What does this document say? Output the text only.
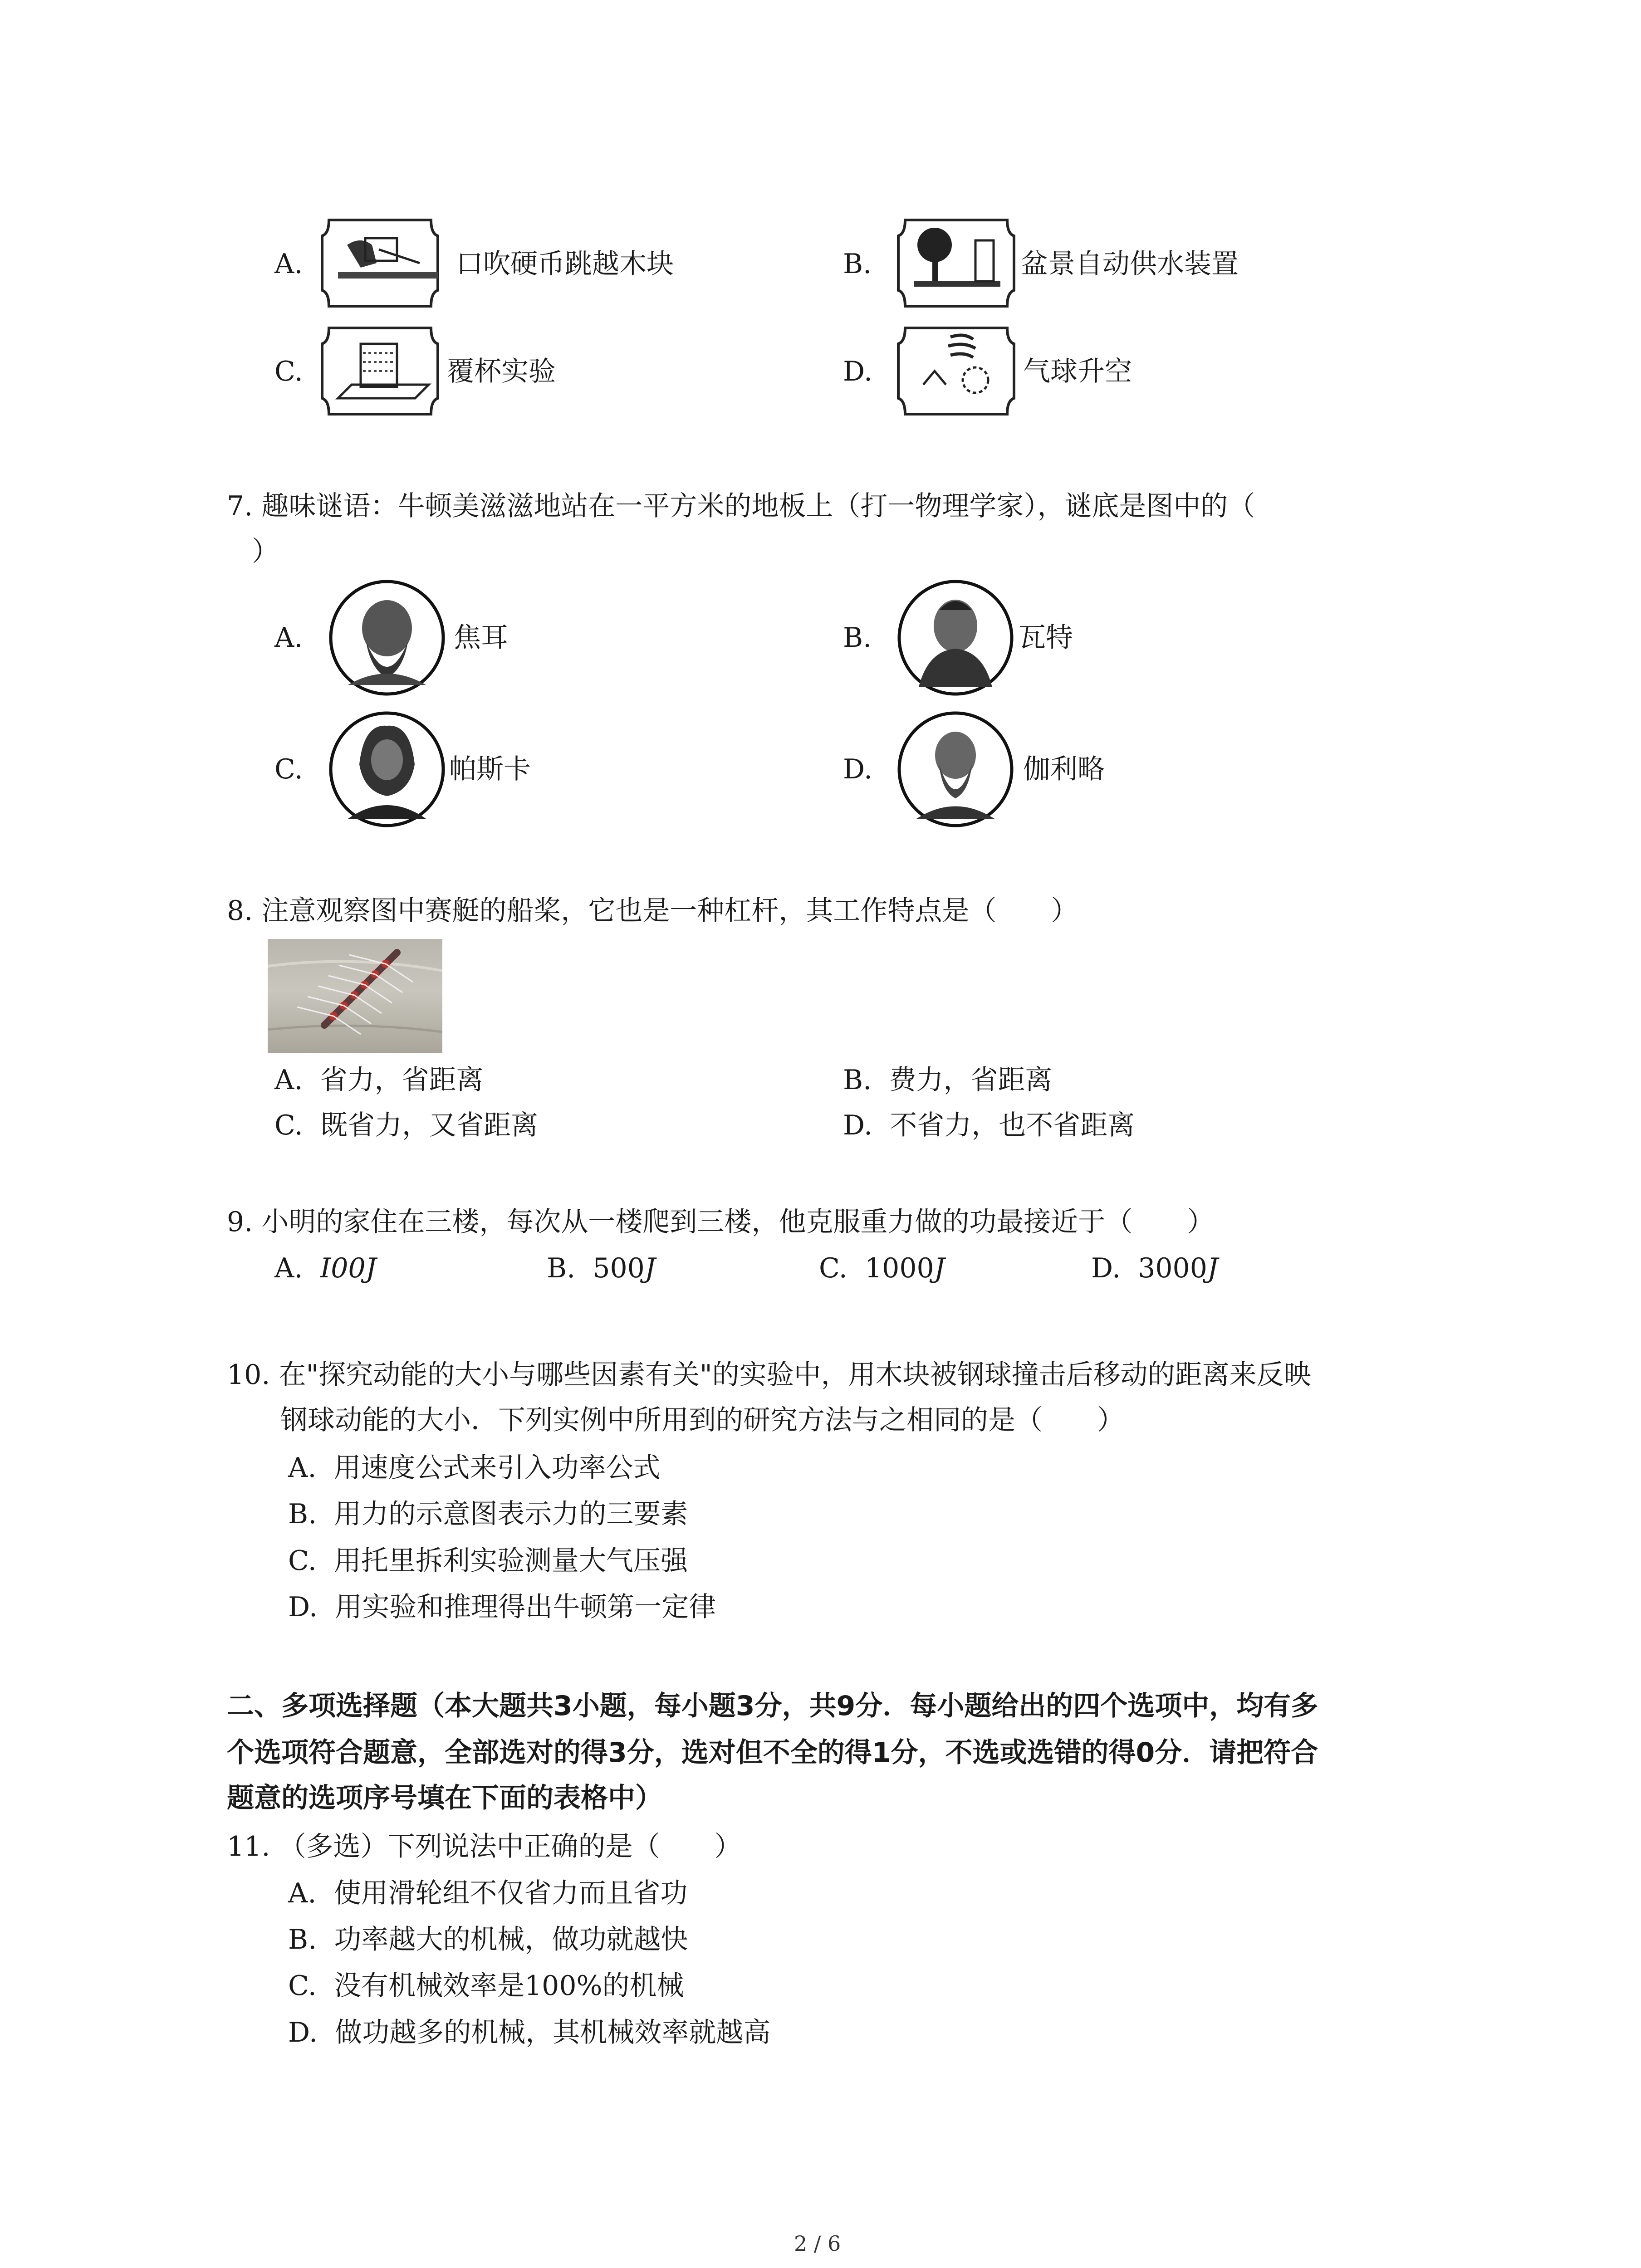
A.	口吹硬币跳越木块	B.	盆景自动供水装置
C.	覆杯实验	D.	气球升空
7. 趣味谜语：牛顿美滋滋地站在一平方米的地板上（打一物理学家），谜底是图中的（
）
A.	焦耳	B.	瓦特
C.	帕斯卡	D.	伽利略
8. 注意观察图中赛艇的船桨，它也是一种杠杆，其工作特点是（　　）
A. 省力，省距离	B. 费力，省距离
C. 既省力，又省距离	D. 不省力，也不省距离
9. 小明的家住在三楼，每次从一楼爬到三楼，他克服重力做的功最接近于（　　）
A. I00J	B. 500J	C. 1000J	D. 3000J
10. 在"探究动能的大小与哪些因素有关"的实验中，用木块被钢球撞击后移动的距离来反映
钢球动能的大小．下列实例中所用到的研究方法与之相同的是（　　）
A. 用速度公式来引入功率公式
B. 用力的示意图表示力的三要素
C. 用托里拆利实验测量大气压强
D. 用实验和推理得出牛顿第一定律
二、多项选择题（本大题共3小题，每小题3分，共9分．每小题给出的四个选项中，均有多
个选项符合题意，全部选对的得3分，选对但不全的得1分，不选或选错的得0分．请把符合
题意的选项序号填在下面的表格中）
11. （多选）下列说法中正确的是（　　）
A. 使用滑轮组不仅省力而且省功
B. 功率越大的机械，做功就越快
C. 没有机械效率是100%的机械
D. 做功越多的机械，其机械效率就越高
2 / 6
